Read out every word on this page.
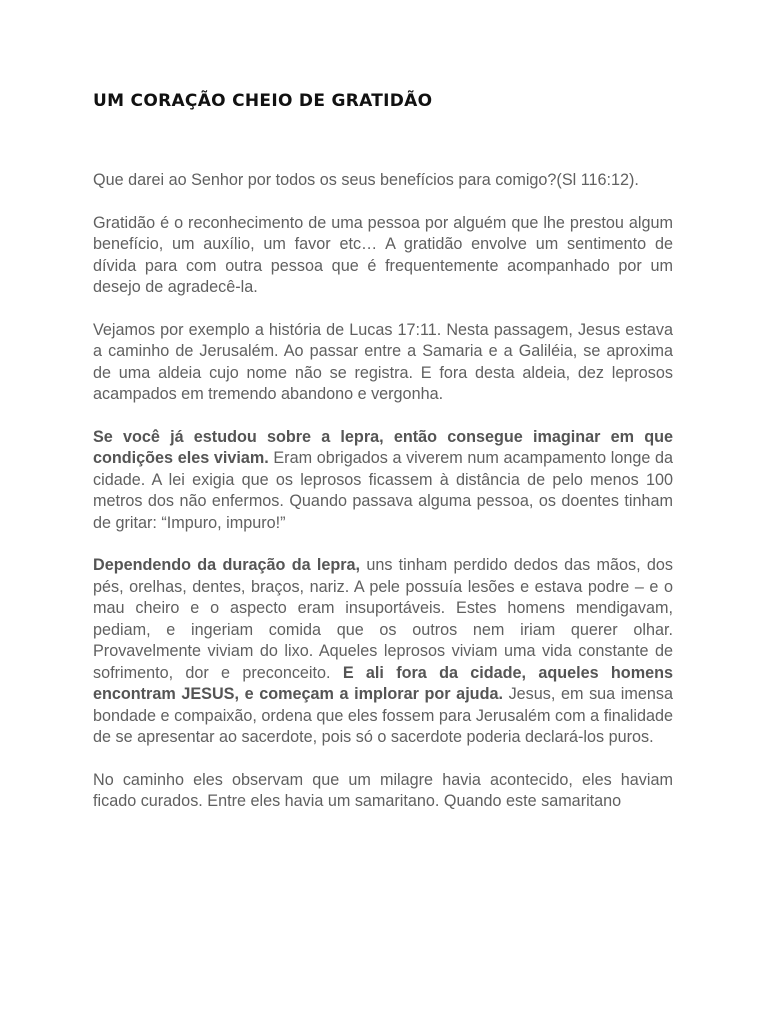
UM CORAÇÃO CHEIO DE GRATIDÃO

Que darei ao Senhor por todos os seus benefícios para comigo?(Sl 116:12).

Gratidão é o reconhecimento de uma pessoa por alguém que lhe prestou algum benefício, um auxílio, um favor etc… A gratidão envolve um sentimento de dívida para com outra pessoa que é frequentemente acompanhado por um desejo de agradecê-la.

Vejamos por exemplo a história de Lucas 17:11. Nesta passagem, Jesus estava a caminho de Jerusalém. Ao passar entre a Samaria e a Galiléia, se aproxima de uma aldeia cujo nome não se registra. E fora desta aldeia, dez leprosos acampados em tremendo abandono e vergonha.

Se você já estudou sobre a lepra, então consegue imaginar em que condições eles viviam. Eram obrigados a viverem num acampamento longe da cidade. A lei exigia que os leprosos ficassem à distância de pelo menos 100 metros dos não enfermos. Quando passava alguma pessoa, os doentes tinham de gritar: “Impuro, impuro!”

Dependendo da duração da lepra, uns tinham perdido dedos das mãos, dos pés, orelhas, dentes, braços, nariz. A pele possuía lesões e estava podre – e o mau cheiro e o aspecto eram insuportáveis. Estes homens mendigavam, pediam, e ingeriam comida que os outros nem iriam querer olhar. Provavelmente viviam do lixo. Aqueles leprosos viviam uma vida constante de sofrimento, dor e preconceito. E ali fora da cidade, aqueles homens encontram JESUS, e começam a implorar por ajuda. Jesus, em sua imensa bondade e compaixão, ordena que eles fossem para Jerusalém com a finalidade de se apresentar ao sacerdote, pois só o sacerdote poderia declará-los puros.

No caminho eles observam que um milagre havia acontecido, eles haviam ficado curados. Entre eles havia um samaritano. Quando este samaritano
